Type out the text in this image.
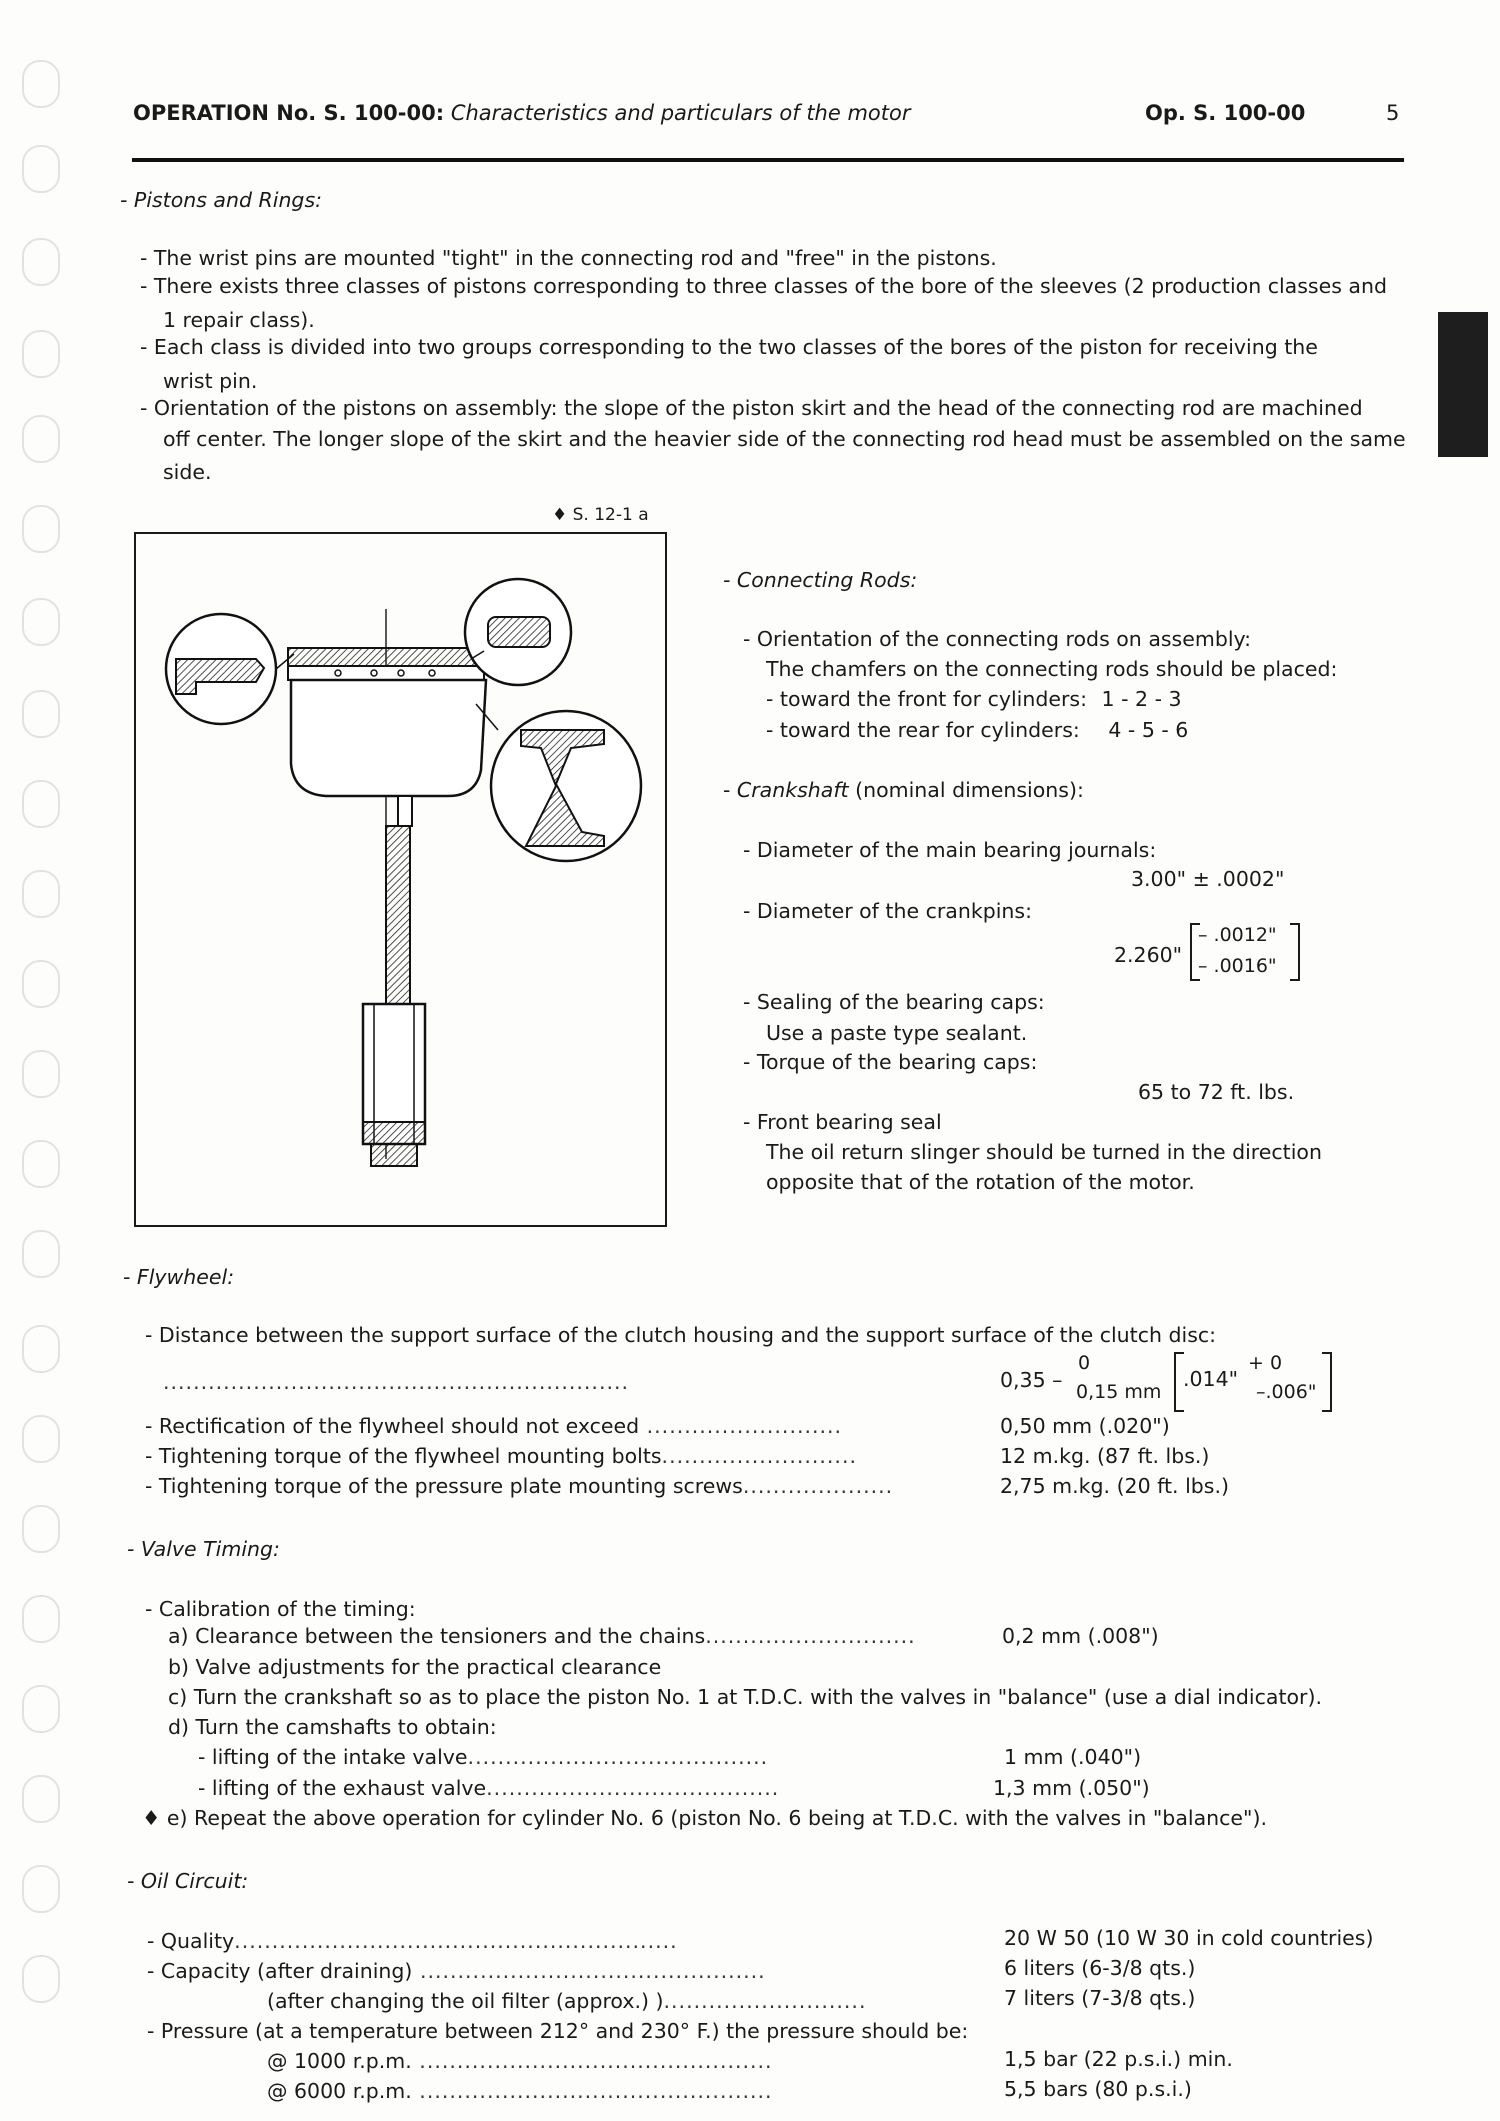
OPERATION No. S. 100-00: Characteristics and particulars of the motor	Op. S. 100-00	5
- Pistons and Rings:
- The wrist pins are mounted "tight" in the connecting rod and "free" in the pistons.
- There exists three classes of pistons corresponding to three classes of the bore of the sleeves (2 production classes and
1 repair class).
- Each class is divided into two groups corresponding to the two classes of the bores of the piston for receiving the
wrist pin.
- Orientation of the pistons on assembly: the slope of the piston skirt and the head of the connecting rod are machined
off center. The longer slope of the skirt and the heavier side of the connecting rod head must be assembled on the same
side.
♦ S. 12-1 a
- Connecting Rods:
- Orientation of the connecting rods on assembly:
The chamfers on the connecting rods should be placed:
- toward the front for cylinders: 1 - 2 - 3
- toward the rear for cylinders: 4 - 5 - 6
- Crankshaft (nominal dimensions):
- Diameter of the main bearing journals:
3.00" ± .0002"
- Diameter of the crankpins:
2.260"
– .0012"
– .0016"
- Sealing of the bearing caps:
Use a paste type sealant.
- Torque of the bearing caps:
65 to 72 ft. lbs.
- Front bearing seal
The oil return slinger should be turned in the direction
opposite that of the rotation of the motor.
- Flywheel:
- Distance between the support surface of the clutch housing and the support surface of the clutch disc:
..............................................................	0,35 –
0
0,15 mm
.014"
+ 0
–.006"
- Rectification of the flywheel should not exceed ..........................	0,50 mm (.020")
- Tightening torque of the flywheel mounting bolts..........................	12 m.kg. (87 ft. lbs.)
- Tightening torque of the pressure plate mounting screws....................	2,75 m.kg. (20 ft. lbs.)
- Valve Timing:
- Calibration of the timing:
a) Clearance between the tensioners and the chains............................	0,2 mm (.008")
b) Valve adjustments for the practical clearance
c) Turn the crankshaft so as to place the piston No. 1 at T.D.C. with the valves in "balance" (use a dial indicator).
d) Turn the camshafts to obtain:
- lifting of the intake valve........................................	1 mm (.040")
- lifting of the exhaust valve.......................................	1,3 mm (.050")
♦ e) Repeat the above operation for cylinder No. 6 (piston No. 6 being at T.D.C. with the valves in "balance").
- Oil Circuit:
- Quality...........................................................	20 W 50 (10 W 30 in cold countries)
- Capacity (after draining) ..............................................	6 liters (6-3/8 qts.)
(after changing the oil filter (approx.) )...........................	7 liters (7-3/8 qts.)
- Pressure (at a temperature between 212° and 230° F.) the pressure should be:
@ 1000 r.p.m. ...............................................	1,5 bar (22 p.s.i.) min.
@ 6000 r.p.m. ...............................................	5,5 bars (80 p.s.i.)
